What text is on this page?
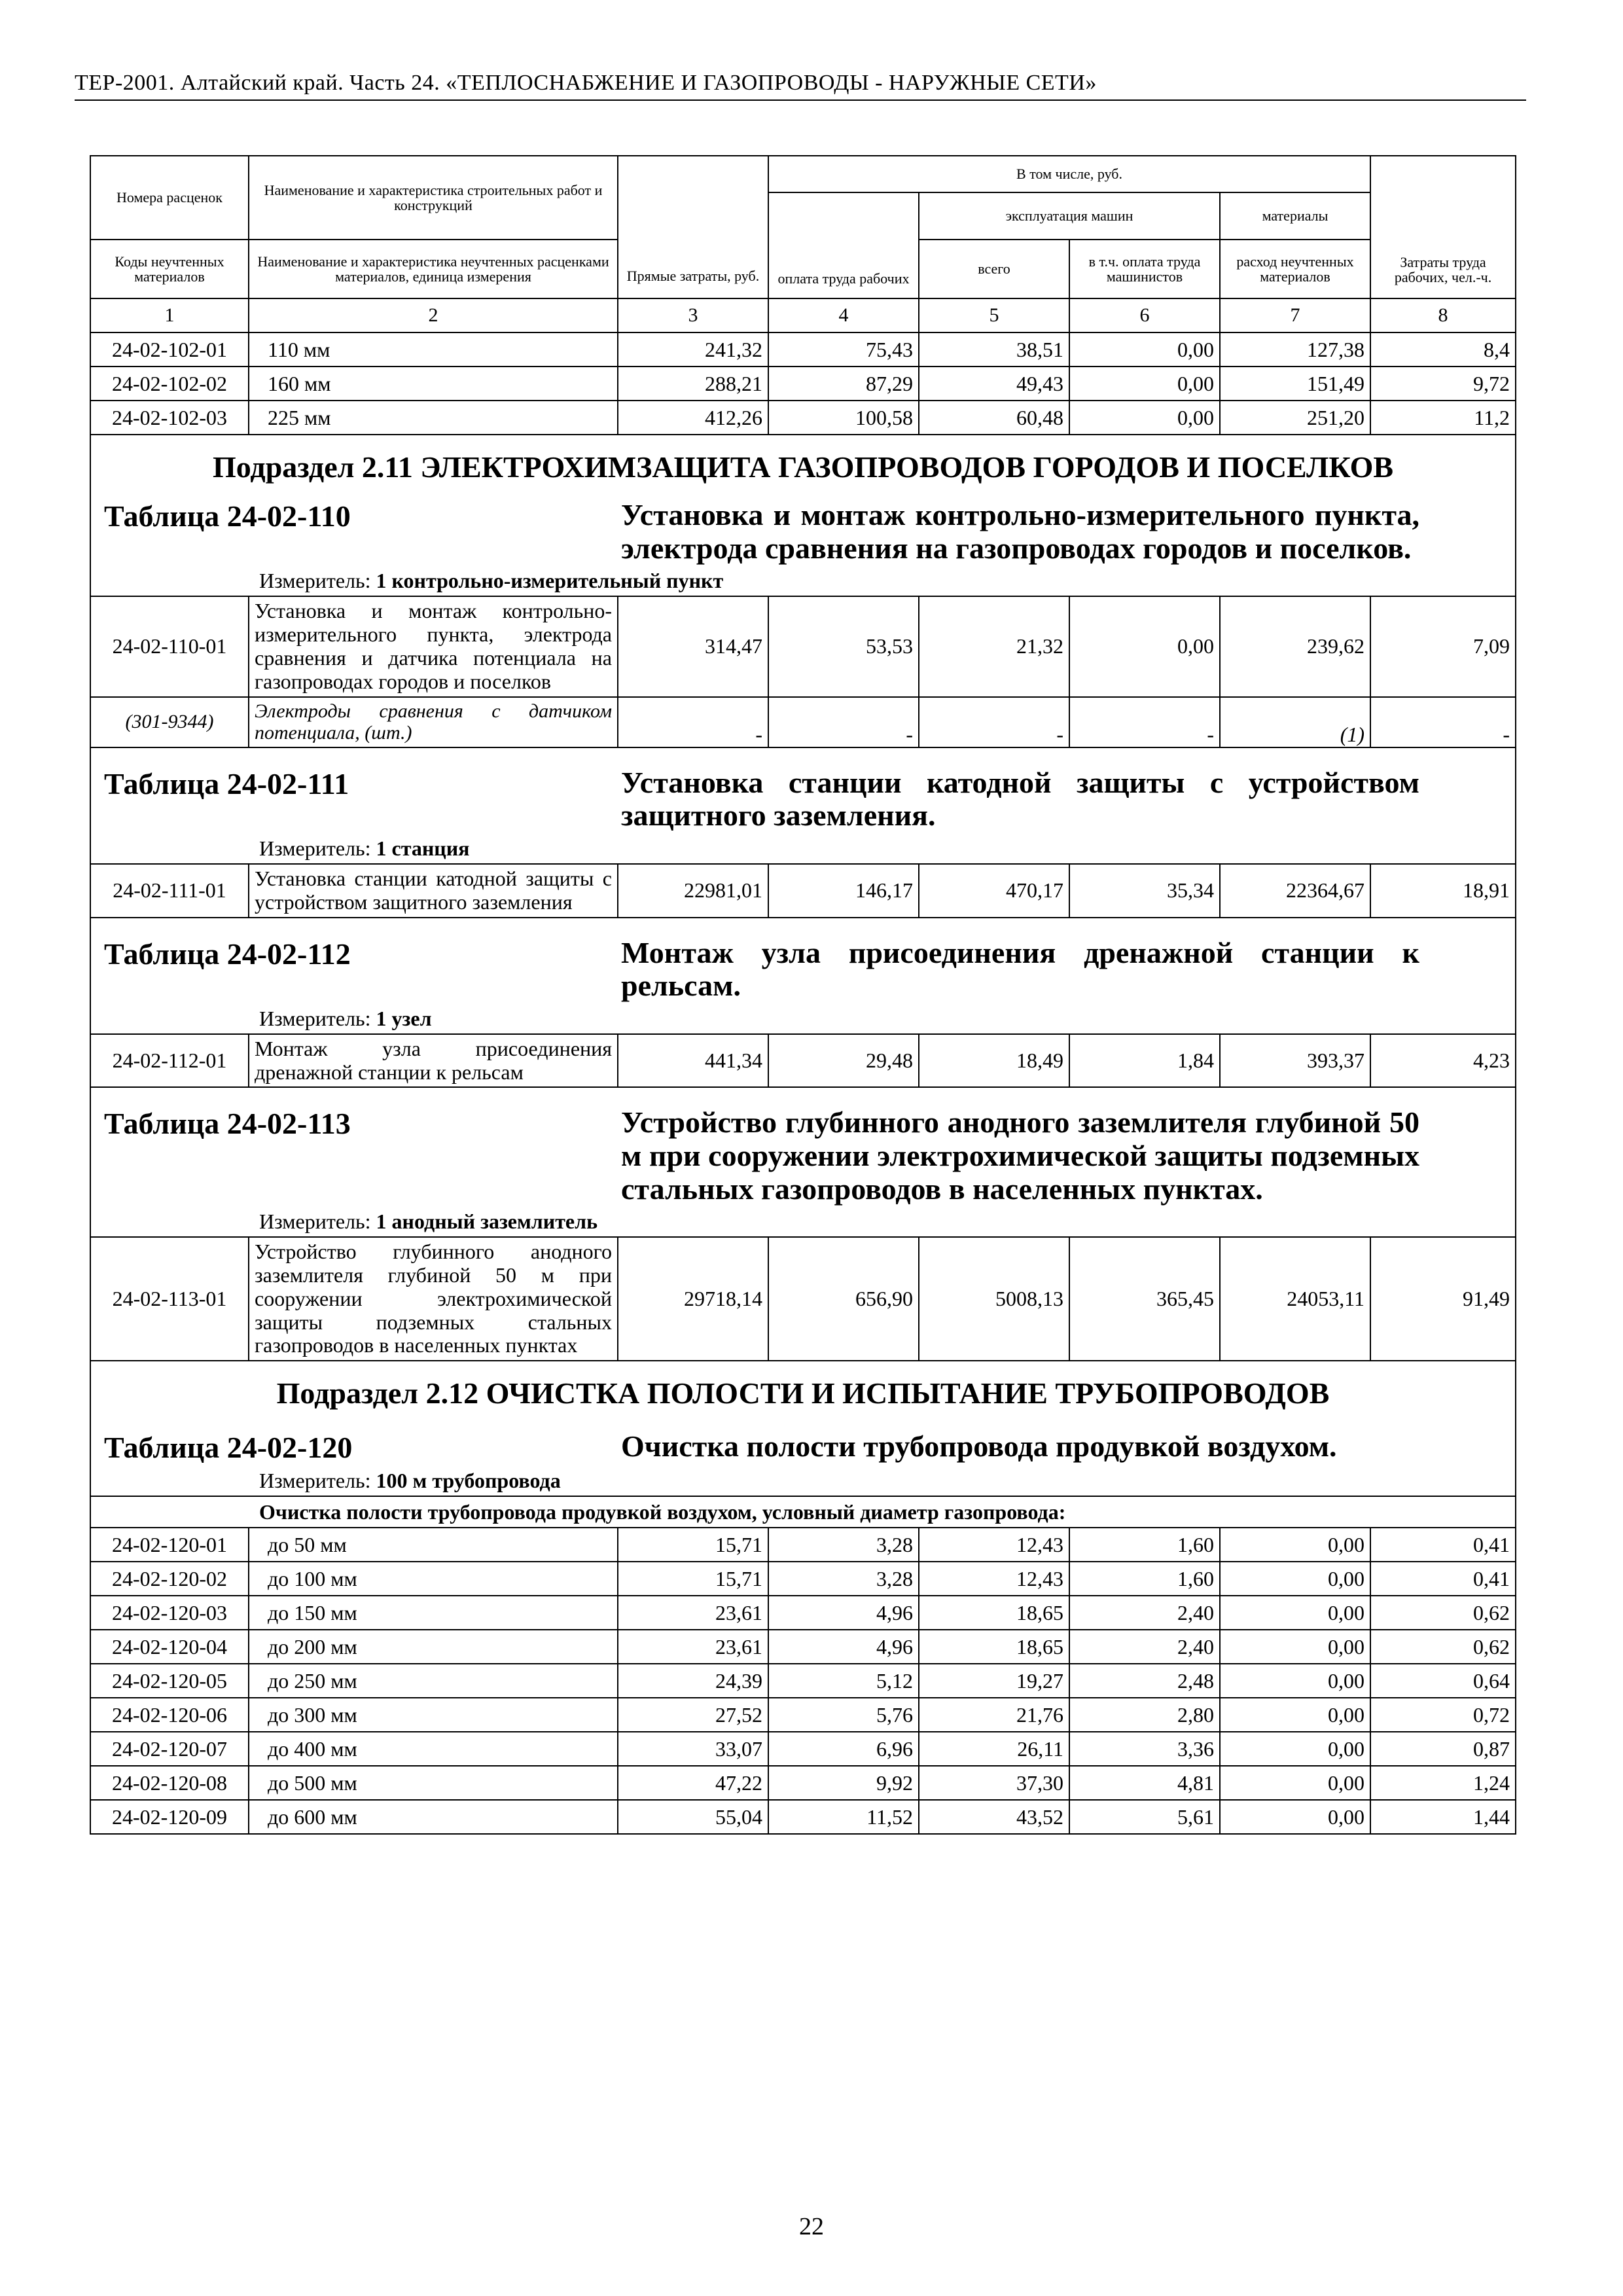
ТЕР-2001. Алтайский край. Часть 24. «ТЕПЛОСНАБЖЕНИЕ И ГАЗОПРОВОДЫ - НАРУЖНЫЕ СЕТИ»
Номера расценок	Наименование и характеристика строительных работ и конструкций	Прямые затраты, руб.	В том числе, руб.				Затраты труда рабочих, чел.-ч.
			оплата труда рабочих	эксплуатация машин		материалы	
Коды неучтенных материалов	Наименование и характеристика неучтенных расценками материалов, единица измерения			всего	в т.ч. оплата труда машинистов	расход неучтенных материалов	

1	2	3	4	5	6	7	8
24-02-102-01	110 мм	241,32	75,43	38,51	0,00	127,38	8,4
24-02-102-02	160 мм	288,21	87,29	49,43	0,00	151,49	9,72
24-02-102-03	225 мм	412,26	100,58	60,48	0,00	251,20	11,2

Подраздел 2.11 ЭЛЕКТРОХИМЗАЩИТА ГАЗОПРОВОДОВ ГОРОДОВ И ПОСЕЛКОВ
Таблица 24-02-110 Установка и монтаж контрольно-измерительного пункта, электрода сравнения на газопроводах городов и поселков.
Измеритель: 1 контрольно-измерительный пункт							

24-02-110-01	Установка и монтаж контрольно-измерительного пункта, электрода сравнения и датчика потенциала на газопроводах городов и поселков	314,47	53,53	21,32	0,00	239,62	7,09
(301-9344)	Электроды сравнения с датчиком потенциала, (шт.)	-	-	-	-	(1)	-

Таблица 24-02-111 Установка станции катодной защиты с устройством защитного заземления.
Измеритель: 1 станция							

24-02-111-01	Установка станции катодной защиты с устройством защитного заземления	22981,01	146,17	470,17	35,34	22364,67	18,91

Таблица 24-02-112 Монтаж узла присоединения дренажной станции к рельсам.
Измеритель: 1 узел							

24-02-112-01	Монтаж узла присоединения дренажной станции к рельсам	441,34	29,48	18,49	1,84	393,37	4,23

Таблица 24-02-113 Устройство глубинного анодного заземлителя глубиной 50 м при сооружении электрохимической защиты подземных стальных газопроводов в населенных пунктах.
Измеритель: 1 анодный заземлитель							

24-02-113-01	Устройство глубинного анодного заземлителя глубиной 50 м при сооружении электрохимической защиты подземных стальных газопроводов в населенных пунктах	29718,14	656,90	5008,13	365,45	24053,11	91,49

Подраздел 2.12 ОЧИСТКА ПОЛОСТИ И ИСПЫТАНИЕ ТРУБОПРОВОДОВ
Таблица 24-02-120 Очистка полости трубопровода продувкой воздухом.
Измеритель: 100 м трубопровода							

Очистка полости трубопровода продувкой воздухом, условный диаметр газопровода:							
24-02-120-01	до 50 мм	15,71	3,28	12,43	1,60	0,00	0,41
24-02-120-02	до 100 мм	15,71	3,28	12,43	1,60	0,00	0,41
24-02-120-03	до 150 мм	23,61	4,96	18,65	2,40	0,00	0,62
24-02-120-04	до 200 мм	23,61	4,96	18,65	2,40	0,00	0,62
24-02-120-05	до 250 мм	24,39	5,12	19,27	2,48	0,00	0,64
24-02-120-06	до 300 мм	27,52	5,76	21,76	2,80	0,00	0,72
24-02-120-07	до 400 мм	33,07	6,96	26,11	3,36	0,00	0,87
24-02-120-08	до 500 мм	47,22	9,92	37,30	4,81	0,00	1,24
24-02-120-09	до 600 мм	55,04	11,52	43,52	5,61	0,00	1,44
22
